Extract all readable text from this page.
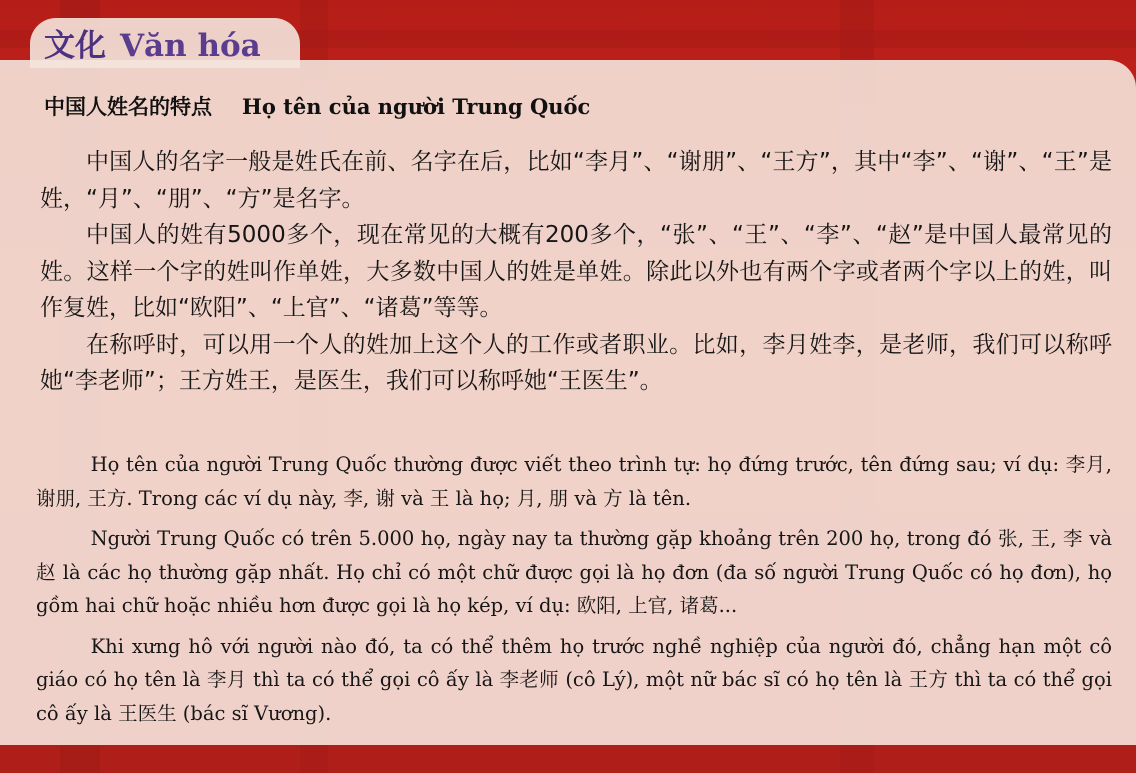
文化 Văn hóa
中国人姓名的特点 Họ tên của người Trung Quốc

中国人的名字一般是姓氏在前、名字在后，比如“李月”、“谢朋”、“王方”，其中“李”、“谢”、“王”是姓，“月”、“朋”、“方”是名字。

中国人的姓有5000多个，现在常见的大概有200多个，“张”、“王”、“李”、“赵”是中国人最常见的姓。这样一个字的姓叫作单姓，大多数中国人的姓是单姓。除此以外也有两个字或者两个字以上的姓，叫作复姓，比如“欧阳”、“上官”、“诸葛”等等。

在称呼时，可以用一个人的姓加上这个人的工作或者职业。比如，李月姓李，是老师，我们可以称呼她“李老师”；王方姓王，是医生，我们可以称呼她“王医生”。

Họ tên của người Trung Quốc thường được viết theo trình tự: họ đứng trước, tên đứng sau; ví dụ: 李月, 谢朋, 王方. Trong các ví dụ này, 李, 谢 và 王 là họ; 月, 朋 và 方 là tên.

Người Trung Quốc có trên 5.000 họ, ngày nay ta thường gặp khoảng trên 200 họ, trong đó 张, 王, 李 và 赵 là các họ thường gặp nhất. Họ chỉ có một chữ được gọi là họ đơn (đa số người Trung Quốc có họ đơn), họ gồm hai chữ hoặc nhiều hơn được gọi là họ kép, ví dụ: 欧阳, 上官, 诸葛...

Khi xưng hô với người nào đó, ta có thể thêm họ trước nghề nghiệp của người đó, chẳng hạn một cô giáo có họ tên là 李月 thì ta có thể gọi cô ấy là 李老师 (cô Lý), một nữ bác sĩ có họ tên là 王方 thì ta có thể gọi cô ấy là 王医生 (bác sĩ Vương).
